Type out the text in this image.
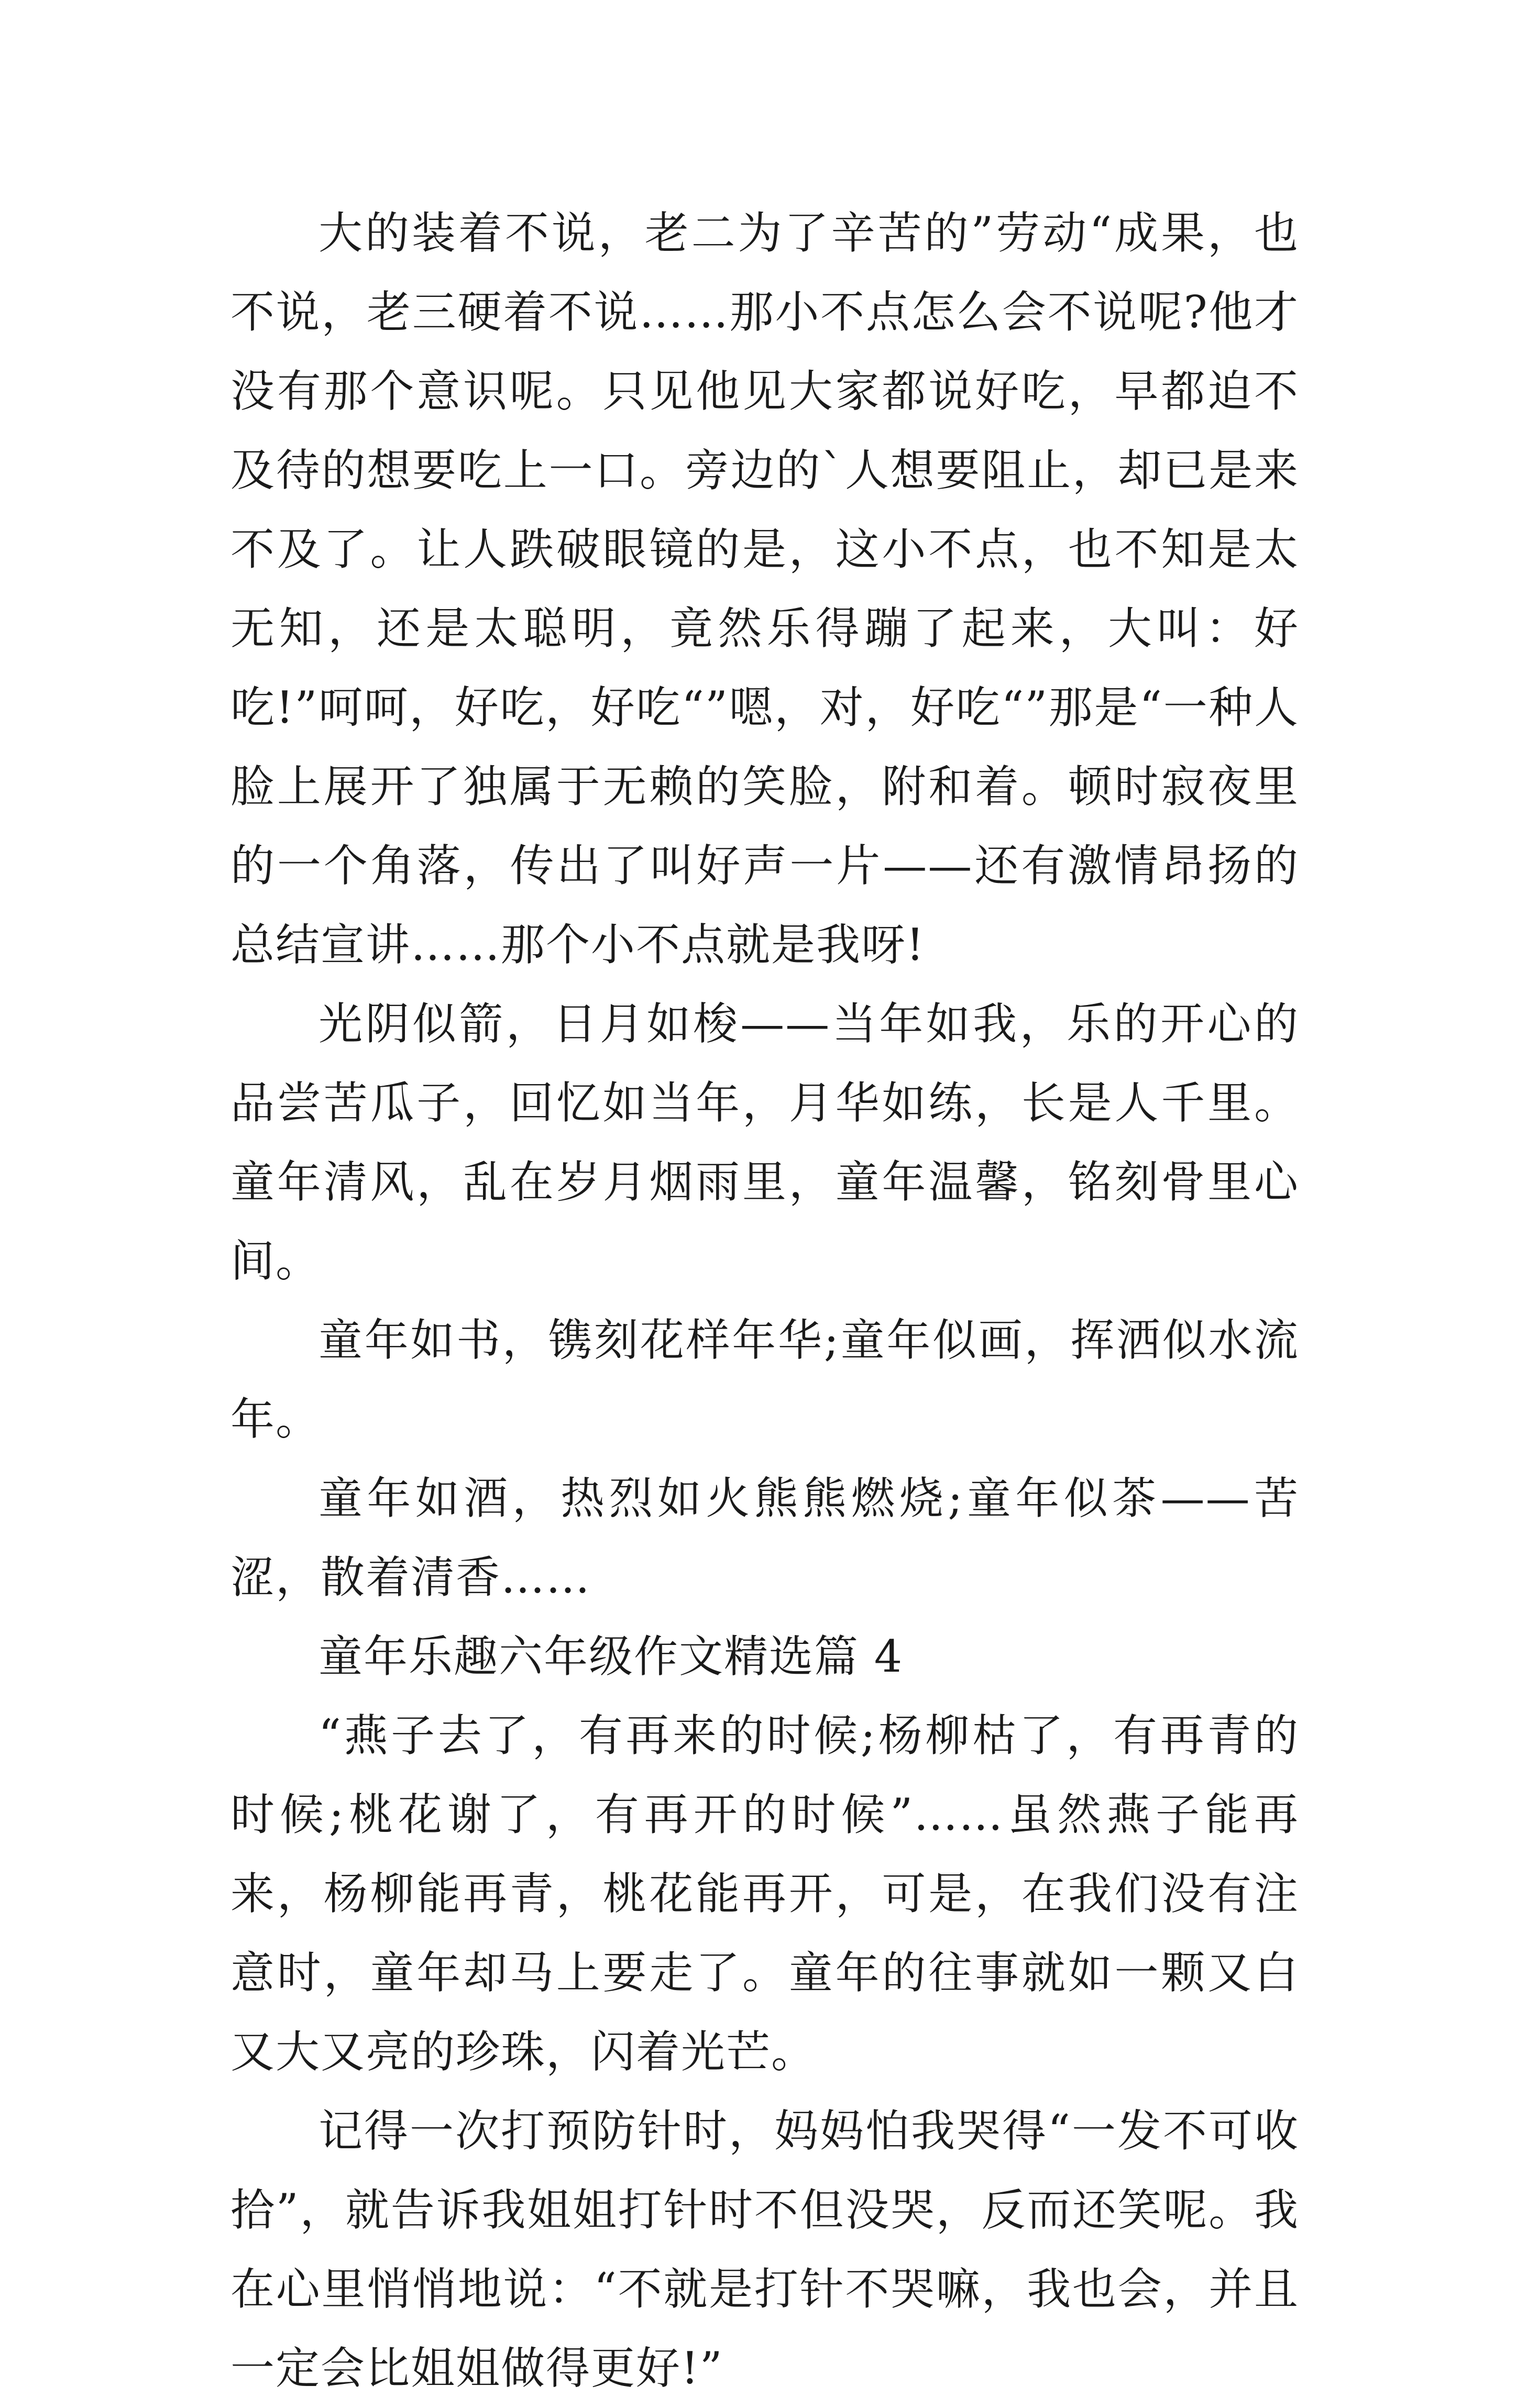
大的装着不说，老二为了辛苦的”劳动“成果，也不说，老三硬着不说……那小不点怎么会不说呢?他才没有那个意识呢。只见他见大家都说好吃，早都迫不及待的想要吃上一口。旁边的`人想要阻止，却已是来不及了。让人跌破眼镜的是，这小不点，也不知是太无知，还是太聪明，竟然乐得蹦了起来，大叫：好吃!”呵呵，好吃，好吃“”嗯，对，好吃“”那是“一种人脸上展开了独属于无赖的笑脸，附和着。顿时寂夜里的一个角落，传出了叫好声一片——还有激情昂扬的总结宣讲……那个小不点就是我呀!

光阴似箭，日月如梭——当年如我，乐的开心的品尝苦瓜子，回忆如当年，月华如练，长是人千里。童年清风，乱在岁月烟雨里，童年温馨，铭刻骨里心间。

童年如书，镌刻花样年华;童年似画，挥洒似水流年。

童年如酒，热烈如火熊熊燃烧;童年似茶——苦涩，散着清香……

童年乐趣六年级作文精选篇 4

“燕子去了，有再来的时候;杨柳枯了，有再青的时候;桃花谢了，有再开的时候”……虽然燕子能再来，杨柳能再青，桃花能再开，可是，在我们没有注意时，童年却马上要走了。童年的往事就如一颗又白又大又亮的珍珠，闪着光芒。

记得一次打预防针时，妈妈怕我哭得“一发不可收拾”，就告诉我姐姐打针时不但没哭，反而还笑呢。我在心里悄悄地说：“不就是打针不哭嘛，我也会，并且一定会比姐姐做得更好!”
